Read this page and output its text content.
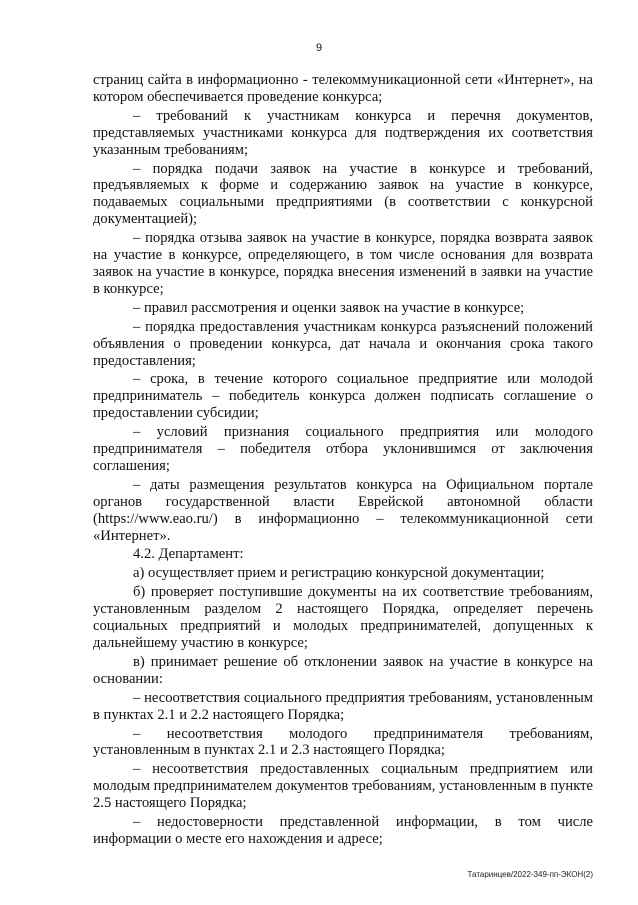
9

страниц сайта в информационно - телекоммуникационной сети «Интернет», на котором обеспечивается проведение конкурса;

– требований к участникам конкурса и перечня документов, представляемых участниками конкурса для подтверждения их соответствия указанным требованиям;

– порядка подачи заявок на участие в конкурсе и требований, предъявляемых к форме и содержанию заявок на участие в конкурсе, подаваемых социальными предприятиями (в соответствии с конкурсной документацией);

– порядка отзыва заявок на участие в конкурсе, порядка возврата заявок на участие в конкурсе, определяющего, в том числе основания для возврата заявок на участие в конкурсе, порядка внесения изменений в заявки на участие в конкурсе;

– правил рассмотрения и оценки заявок на участие в конкурсе;

– порядка предоставления участникам конкурса разъяснений положений объявления о проведении конкурса, дат начала и окончания срока такого предоставления;

– срока, в течение которого социальное предприятие или молодой предприниматель – победитель конкурса должен подписать соглашение о предоставлении субсидии;

– условий признания социального предприятия или молодого предпринимателя – победителя отбора уклонившимся от заключения соглашения;

– даты размещения результатов конкурса на Официальном портале органов государственной власти Еврейской автономной области (https://www.eao.ru/) в информационно – телекоммуникационной сети «Интернет».

4.2. Департамент:

а) осуществляет прием и регистрацию конкурсной документации;

б) проверяет поступившие документы на их соответствие требованиям, установленным разделом 2 настоящего Порядка, определяет перечень социальных предприятий и молодых предпринимателей, допущенных к дальнейшему участию в конкурсе;

в) принимает решение об отклонении заявок на участие в конкурсе на основании:

– несоответствия социального предприятия требованиям, установленным в пунктах 2.1 и 2.2 настоящего Порядка;

– несоответствия молодого предпринимателя требованиям, установленным в пунктах 2.1 и 2.3 настоящего Порядка;

– несоответствия предоставленных социальным предприятием или молодым предпринимателем документов требованиям, установленным в пункте 2.5 настоящего Порядка;

– недостоверности представленной информации, в том числе информации о месте его нахождения и адресе;

Татаринцев/2022-349-пп-ЭКОН(2)
